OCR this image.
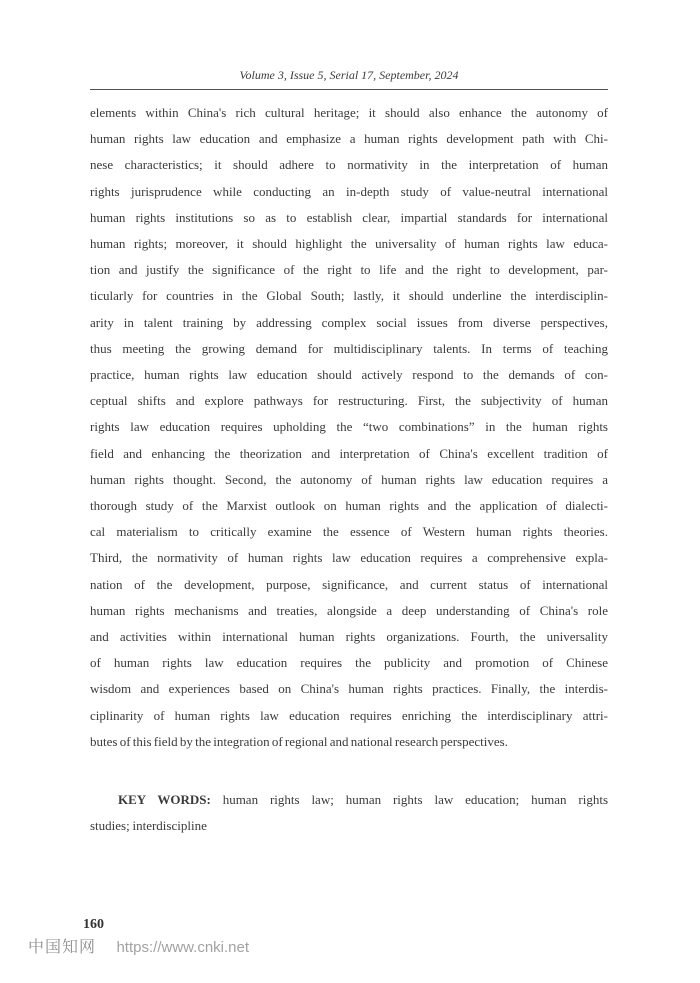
Volume 3, Issue 5, Serial 17, September, 2024
elements within China's rich cultural heritage; it should also enhance the autonomy of
human rights law education and emphasize a human rights development path with Chi-
nese characteristics; it should adhere to normativity in the interpretation of human
rights jurisprudence while conducting an in-depth study of value-neutral international
human rights institutions so as to establish clear, impartial standards for international
human rights; moreover, it should highlight the universality of human rights law educa-
tion and justify the significance of the right to life and the right to development, par-
ticularly for countries in the Global South; lastly, it should underline the interdisciplin-
arity in talent training by addressing complex social issues from diverse perspectives,
thus meeting the growing demand for multidisciplinary talents. In terms of teaching
practice, human rights law education should actively respond to the demands of con-
ceptual shifts and explore pathways for restructuring. First, the subjectivity of human
rights law education requires upholding the “two combinations” in the human rights
field and enhancing the theorization and interpretation of China's excellent tradition of
human rights thought. Second, the autonomy of human rights law education requires a
thorough study of the Marxist outlook on human rights and the application of dialecti-
cal materialism to critically examine the essence of Western human rights theories.
Third, the normativity of human rights law education requires a comprehensive expla-
nation of the development, purpose, significance, and current status of international
human rights mechanisms and treaties, alongside a deep understanding of China's role
and activities within international human rights organizations. Fourth, the universality
of human rights law education requires the publicity and promotion of Chinese
wisdom and experiences based on China's human rights practices. Finally, the interdis-
ciplinarity of human rights law education requires enriching the interdisciplinary attri-
butes of this field by the integration of regional and national research perspectives.
KEY WORDS: human rights law; human rights law education; human rights
studies; interdiscipline
160
中国知网 https://www.cnki.net
